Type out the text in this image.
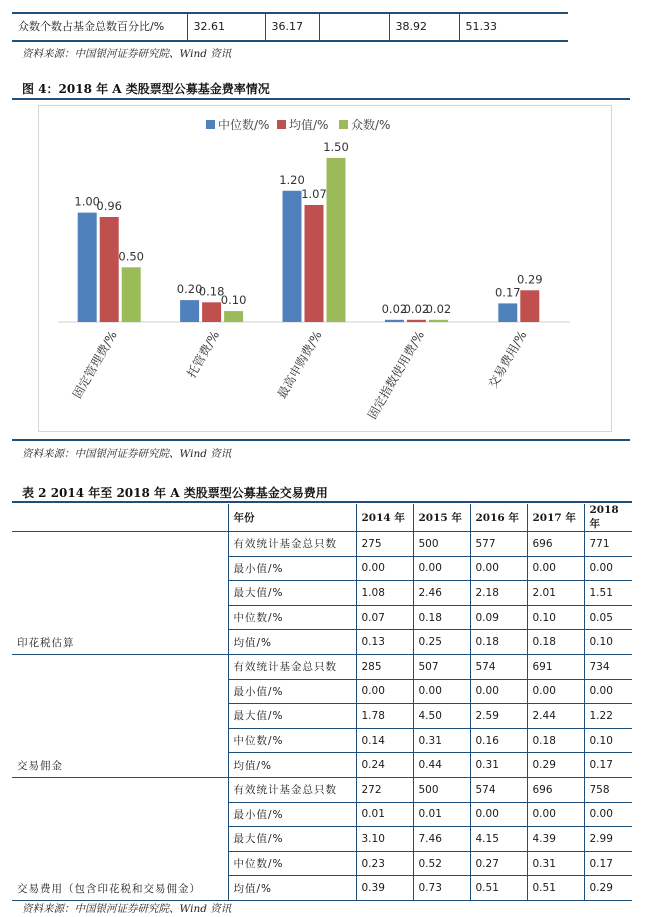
众数个数占基金总数百分比/%	32.61	36.17		38.92	51.33
资料来源：中国银河证券研究院、Wind 资讯
图 4：2018 年 A 类股票型公募基金费率情况
中位数/% 均值/% 众数/%
1.00
0.96
0.50
固定管理费/%
0.20
0.18
0.10
托管费/%
1.20
1.07
1.50
最高申购费/%
0.02
0.02
0.02
固定指数使用费/%
0.17
0.29
交易费用/%
资料来源：中国银河证券研究院、Wind 资讯
表 2 2014 年至 2018 年 A 类股票型公募基金交易费用
	年份	2014 年	2015 年	2016 年	2017 年	2018 年
印花税估算	有效统计基金总只数	275	500	577	696	771
	最小值/%	0.00	0.00	0.00	0.00	0.00
	最大值/%	1.08	2.46	2.18	2.01	1.51
	中位数/%	0.07	0.18	0.09	0.10	0.05
	均值/%	0.13	0.25	0.18	0.18	0.10
交易佣金	有效统计基金总只数	285	507	574	691	734
	最小值/%	0.00	0.00	0.00	0.00	0.00
	最大值/%	1.78	4.50	2.59	2.44	1.22
	中位数/%	0.14	0.31	0.16	0.18	0.10
	均值/%	0.24	0.44	0.31	0.29	0.17
交易费用（包含印花税和交易佣金）	有效统计基金总只数	272	500	574	696	758
	最小值/%	0.01	0.01	0.00	0.00	0.00
	最大值/%	3.10	7.46	4.15	4.39	2.99
	中位数/%	0.23	0.52	0.27	0.31	0.17
	均值/%	0.39	0.73	0.51	0.51	0.29
资料来源：中国银河证券研究院、Wind 资讯
